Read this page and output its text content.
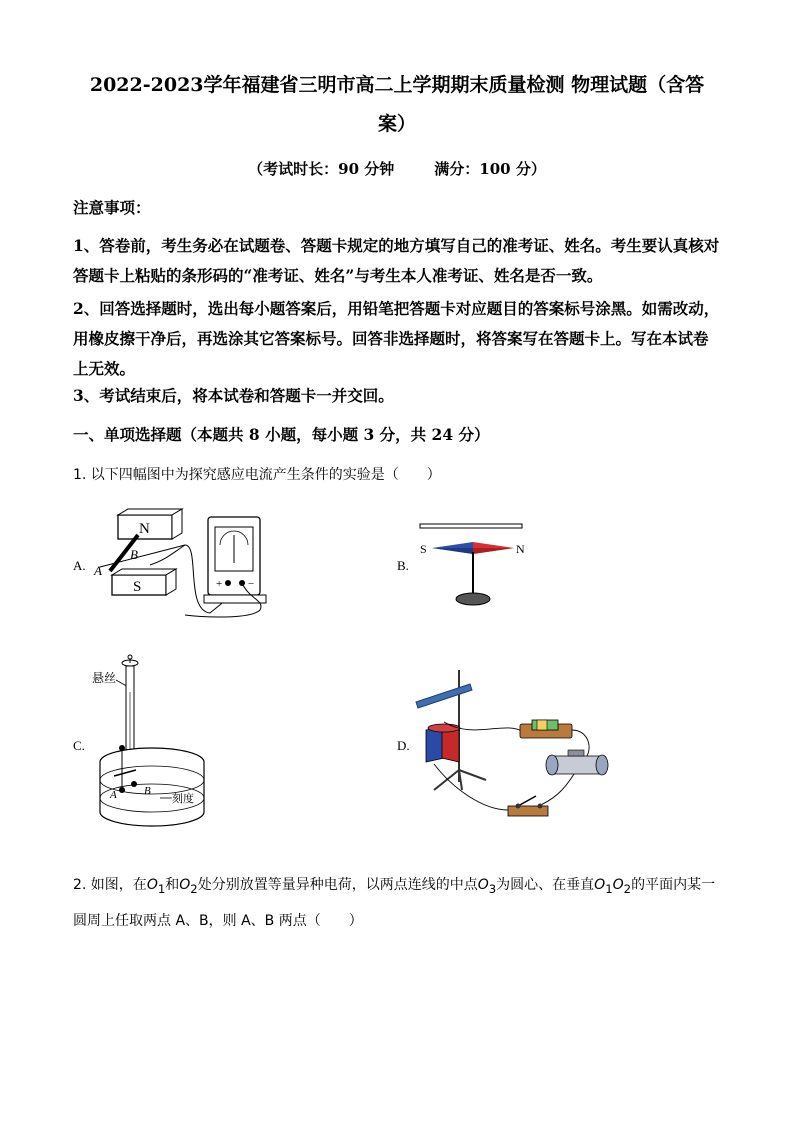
2022-2023学年福建省三明市高二上学期期末质量检测 物理试题（含答案）
（考试时长：90 分钟	满分：100 分）
注意事项：
1、答卷前，考生务必在试题卷、答题卡规定的地方填写自己的准考证、姓名。考生要认真核对答题卡上粘贴的条形码的“准考证、姓名”与考生本人准考证、姓名是否一致。
2、回答选择题时，选出每小题答案后，用铅笔把答题卡对应题目的答案标号涂黑。如需改动，用橡皮擦干净后，再选涂其它答案标号。回答非选择题时，将答案写在答题卡上。写在本试卷上无效。
3、考试结束后，将本试卷和答题卡一并交回。
一、单项选择题（本题共 8 小题，每小题 3 分，共 24 分）
1. 以下四幅图中为探究感应电流产生条件的实验是（　　）
A.	B.
C.	D.
N
S
A
B
+ −
S	N
悬丝
A B
刻度
2. 如图，在$O_1$和$O_2$处分别放置等量异种电荷，以两点连线的中点$O_3$为圆心、在垂直$O_1O_2$的平面内某一
圆周上任取两点 A、B，则 A、B 两点（　　）
